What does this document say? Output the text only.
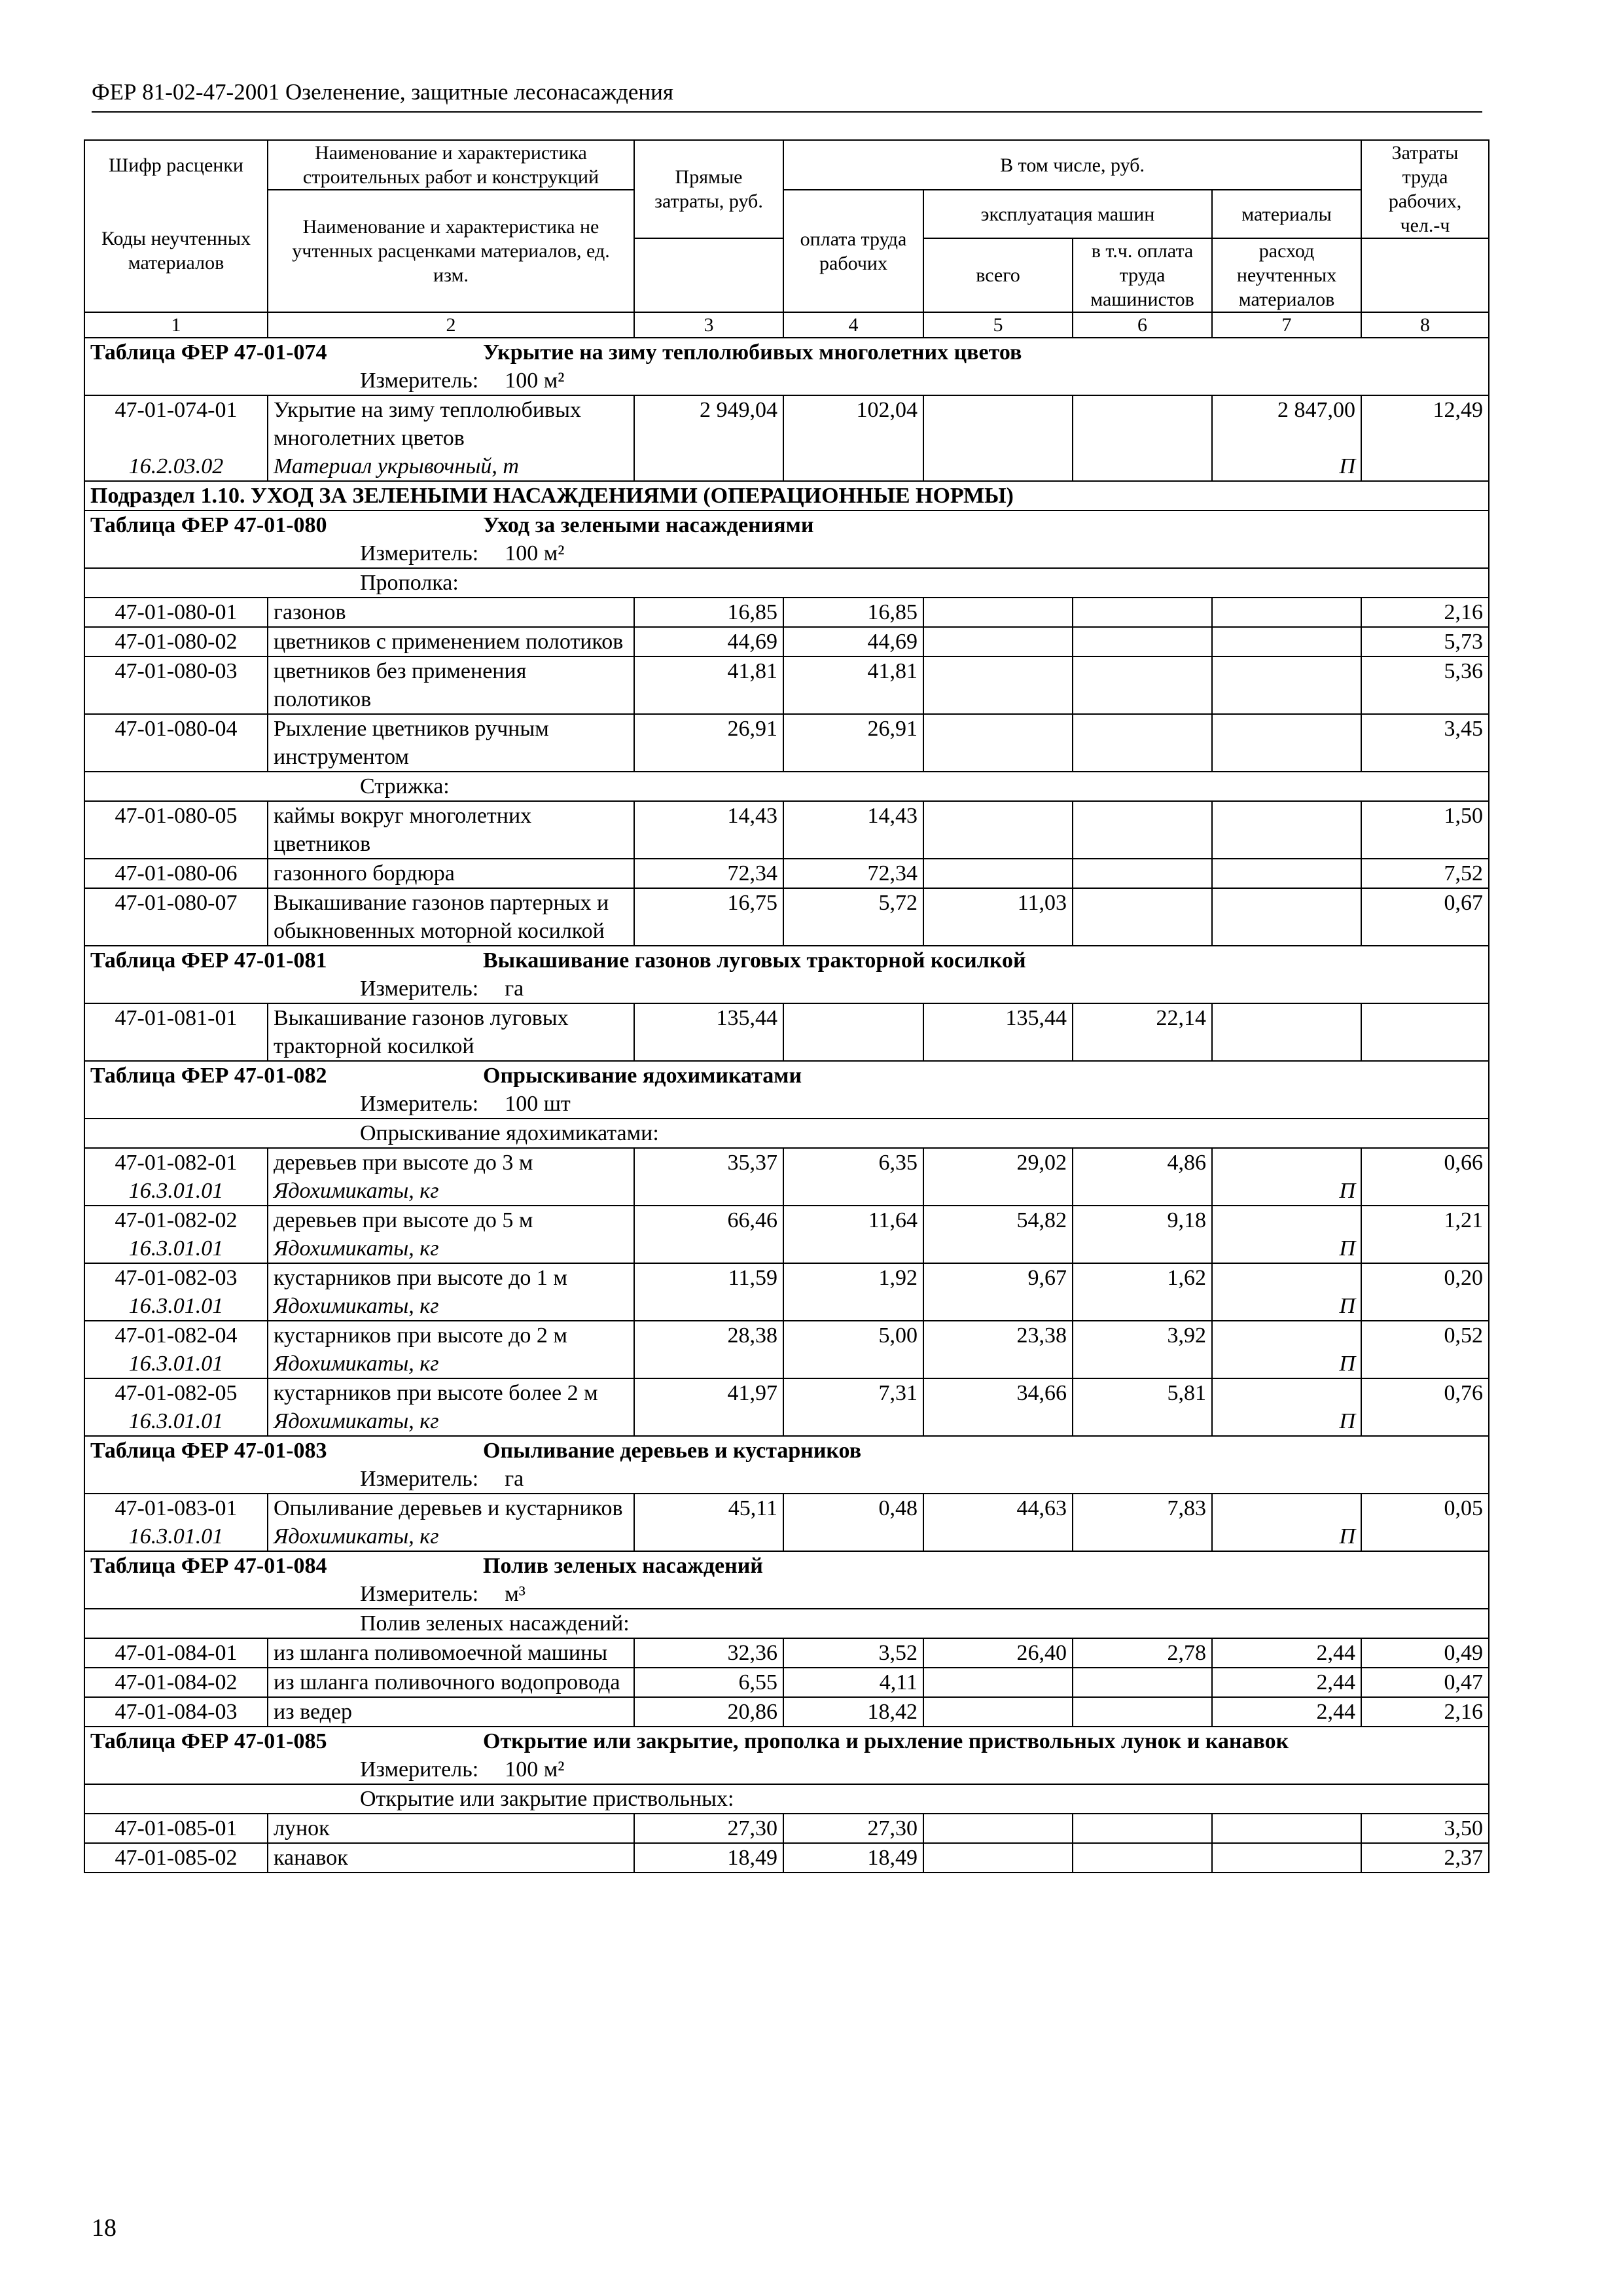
ФЕР 81-02-47-2001 Озеленение, защитные лесонасаждения
Шифр расценки	Наименование и характеристика строительных работ и конструкций	Прямые затраты, руб.	В том числе, руб.				Затраты труда рабочих, чел.-ч
Коды неучтенных материалов	Наименование и характеристика не учтенных расценками материалов, ед. изм.		оплата труда рабочих	эксплуатация машин		материалы	
				всего	в т.ч. оплата труда машинистов	расход неучтенных материалов	
1	2	3	4	5	6	7	8
Таблица ФЕР 47-01-074 Укрытие на зиму теплолюбивых многолетних цветов							
Измеритель: 100 м²							
47-01-074-01	Укрытие на зиму теплолюбивых многолетних цветов	2 949,04	102,04			2 847,00	12,49
16.2.03.02	Материал укрывочный, т					П	
Подраздел 1.10. УХОД ЗА ЗЕЛЕНЫМИ НАСАЖДЕНИЯМИ (ОПЕРАЦИОННЫЕ НОРМЫ)							
Таблица ФЕР 47-01-080 Уход за зелеными насаждениями							
Измеритель: 100 м²							
Прополка:							
47-01-080-01	газонов	16,85	16,85				2,16
47-01-080-02	цветников с применением полотиков	44,69	44,69				5,73
47-01-080-03	цветников без применения полотиков	41,81	41,81				5,36
47-01-080-04	Рыхление цветников ручным инструментом	26,91	26,91				3,45
Стрижка:							
47-01-080-05	каймы вокруг многолетних цветников	14,43	14,43				1,50
47-01-080-06	газонного бордюра	72,34	72,34				7,52
47-01-080-07	Выкашивание газонов партерных и обыкновенных моторной косилкой	16,75	5,72	11,03			0,67
Таблица ФЕР 47-01-081 Выкашивание газонов луговых тракторной косилкой							
Измеритель: га							
47-01-081-01	Выкашивание газонов луговых тракторной косилкой	135,44		135,44	22,14		
Таблица ФЕР 47-01-082 Опрыскивание ядохимикатами							
Измеритель: 100 шт							
Опрыскивание ядохимикатами:							
47-01-082-01	деревьев при высоте до 3 м	35,37	6,35	29,02	4,86		0,66
16.3.01.01	Ядохимикаты, кг					П	
47-01-082-02	деревьев при высоте до 5 м	66,46	11,64	54,82	9,18		1,21
16.3.01.01	Ядохимикаты, кг					П	
47-01-082-03	кустарников при высоте до 1 м	11,59	1,92	9,67	1,62		0,20
16.3.01.01	Ядохимикаты, кг					П	
47-01-082-04	кустарников при высоте до 2 м	28,38	5,00	23,38	3,92		0,52
16.3.01.01	Ядохимикаты, кг					П	
47-01-082-05	кустарников при высоте более 2 м	41,97	7,31	34,66	5,81		0,76
16.3.01.01	Ядохимикаты, кг					П	
Таблица ФЕР 47-01-083 Опыливание деревьев и кустарников							
Измеритель: га							
47-01-083-01	Опыливание деревьев и кустарников	45,11	0,48	44,63	7,83		0,05
16.3.01.01	Ядохимикаты, кг					П	
Таблица ФЕР 47-01-084 Полив зеленых насаждений							
Измеритель: м³							
Полив зеленых насаждений:							
47-01-084-01	из шланга поливомоечной машины	32,36	3,52	26,40	2,78	2,44	0,49
47-01-084-02	из шланга поливочного водопровода	6,55	4,11			2,44	0,47
47-01-084-03	из ведер	20,86	18,42			2,44	2,16
Таблица ФЕР 47-01-085 Открытие или закрытие, прополка и рыхление приствольных лунок и канавок							
Измеритель: 100 м²							
Открытие или закрытие приствольных:							
47-01-085-01	лунок	27,30	27,30				3,50
47-01-085-02	канавок	18,49	18,49				2,37
18
